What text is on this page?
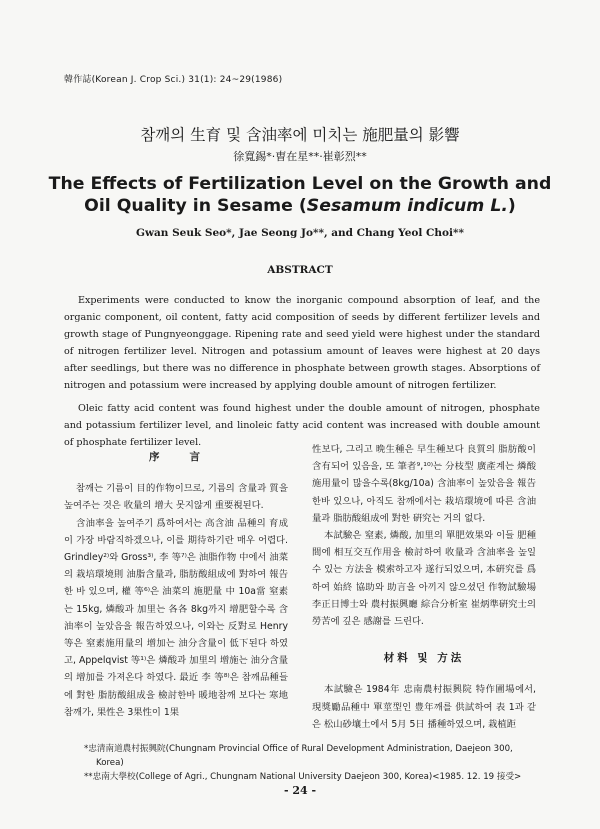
韓作誌(Korean J. Crop Sci.) 31(1): 24~29(1986)
참깨의 生育 및 含油率에 미치는 施肥量의 影響
徐寬錫*·曺在星**·崔彰烈**
The Effects of Fertilization Level on the Growth and
Oil Quality in Sesame (Sesamum indicum L.)
Gwan Seuk Seo*, Jae Seong Jo**, and Chang Yeol Choi**
ABSTRACT

Experiments were conducted to know the inorganic compound absorption of leaf, and the organic component, oil content, fatty acid composition of seeds by different fertilizer levels and growth stage of Pungnyeonggage. Ripening rate and seed yield were highest under the standard of nitrogen fertilizer level. Nitrogen and potassium amount of leaves were highest at 20 days after seedlings, but there was no difference in phosphate between growth stages. Absorptions of nitrogen and potassium were increased by applying double amount of nitrogen fertilizer.

Oleic fatty acid content was found highest under the double amount of nitrogen, phosphate and potassium fertilizer level, and linoleic fatty acid content was increased with double amount of phosphate fertilizer level.

序　　言

참깨는 기름이 目的作物이므로, 기름의 含量과 質을 높여주는 것은 收量의 增大 못지않게 重要視된다.

含油率을 높여주기 爲하여서는 高含油 品種의 育成이 가장 바람직하겠으나, 이를 期待하기란 매우 어렵다. Grindley²⁾와 Gross³⁾, 李 等⁷⁾은 油脂作物 中에서 油菜의 栽培環境則 油脂含量과, 脂肪酸組成에 對하여 報告한 바 있으며, 權 等⁶⁾은 油菜의 施肥量 中 10a當 窒素는 15kg, 燐酸과 加里는 各各 8kg까지 增肥할수록 含油率이 높았음을 報告하였으나, 이와는 反對로 Henry 等은 窒素施用量의 增加는 油分含量이 低下된다 하였고, Appelqvist 等¹⁾은 燐酸과 加里의 增施는 油分含量의 增加를 가져온다 하였다. 最近 李 等⁸⁾은 참깨品種들에 對한 脂肪酸組成을 檢討한바 暖地참깨 보다는 寒地참깨가, 果性은 3果性이 1果

性보다, 그리고 晩生種은 早生種보다 良質의 脂肪酸이 含有되어 있음을, 또 筆者⁹,¹⁰⁾는 分枝型 廣產계는 燐酸施用量이 많을수록(8kg/10a) 含油率이 높았음을 報告한바 있으나, 아직도 참깨에서는 栽培環境에 따른 含油量과 脂肪酸組成에 對한 硏究는 거의 없다.

本試驗은 窒素, 燐酸, 加里의 單肥效果와 이들 肥種間에 相互交互作用을 檢討하여 收量과 含油率을 높일 수 있는 方法을 模索하고자 遂行되었으며, 本硏究를 爲하여 始終 協助와 助言을 아끼지 않으셨던 作物試驗場 李正日博士와 農村振興廳 綜合分析室 崔炳準硏究士의 勞苦에 깊은 感謝를 드린다.

材料 및 方法

本試驗은 1984年 忠南農村振興院 特作圃場에서, 現獎勵品種中 單莖型인 豊年깨를 供試하여 表 1과 같은 松山砂壤土에서 5月 5日 播種하였으며, 栽植距

*忠清南道農村振興院(Chungnam Provincial Office of Rural Development Administration, Daejeon 300,
Korea)
**忠南大學校(College of Agri., Chungnam National University Daejeon 300, Korea)<1985. 12. 19 接受>
- 24 -
